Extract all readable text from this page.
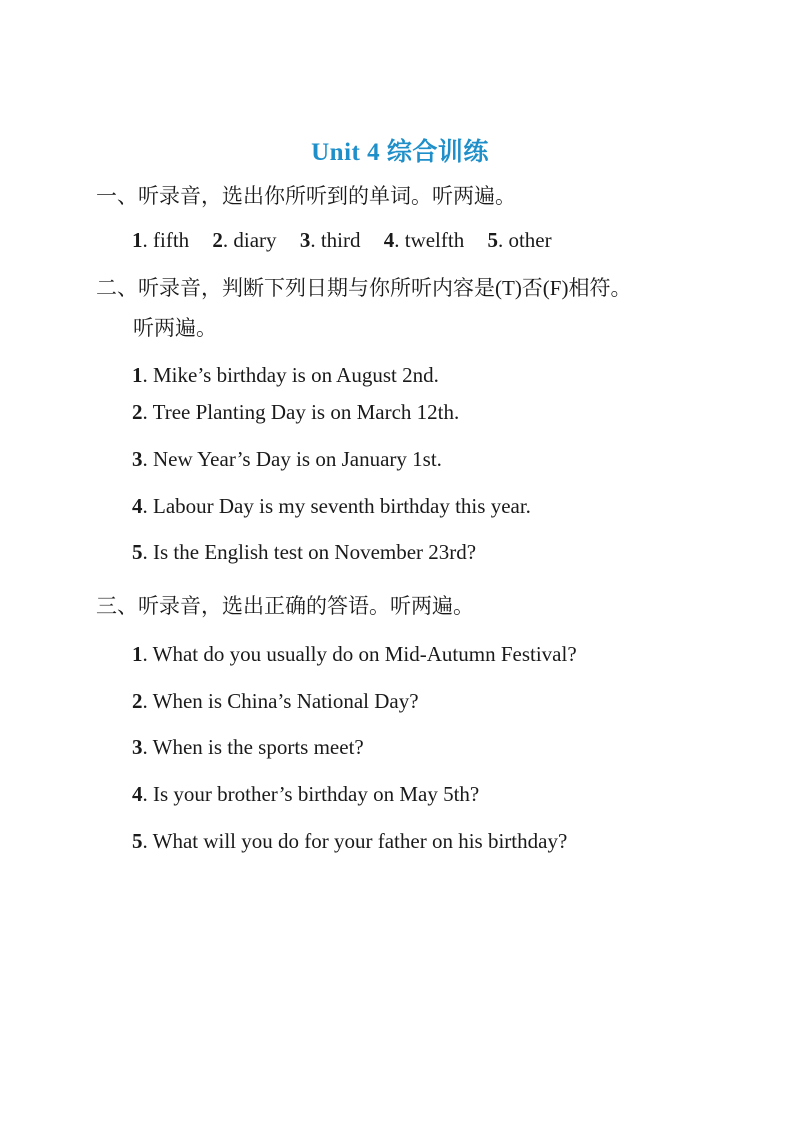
Unit 4 综合训练
一、听录音，选出你所听到的单词。听两遍。
1. fifth 2. diary 3. third 4. twelfth 5. other
二、听录音，判断下列日期与你所听内容是(T)否(F)相符。
听两遍。
1. Mike’s birthday is on August 2nd.
2. Tree Planting Day is on March 12th.
3. New Year’s Day is on January 1st.
4. Labour Day is my seventh birthday this year.
5. Is the English test on November 23rd?
三、听录音，选出正确的答语。听两遍。
1. What do you usually do on Mid-Autumn Festival?
2. When is China’s National Day?
3. When is the sports meet?
4. Is your brother’s birthday on May 5th?
5. What will you do for your father on his birthday?
